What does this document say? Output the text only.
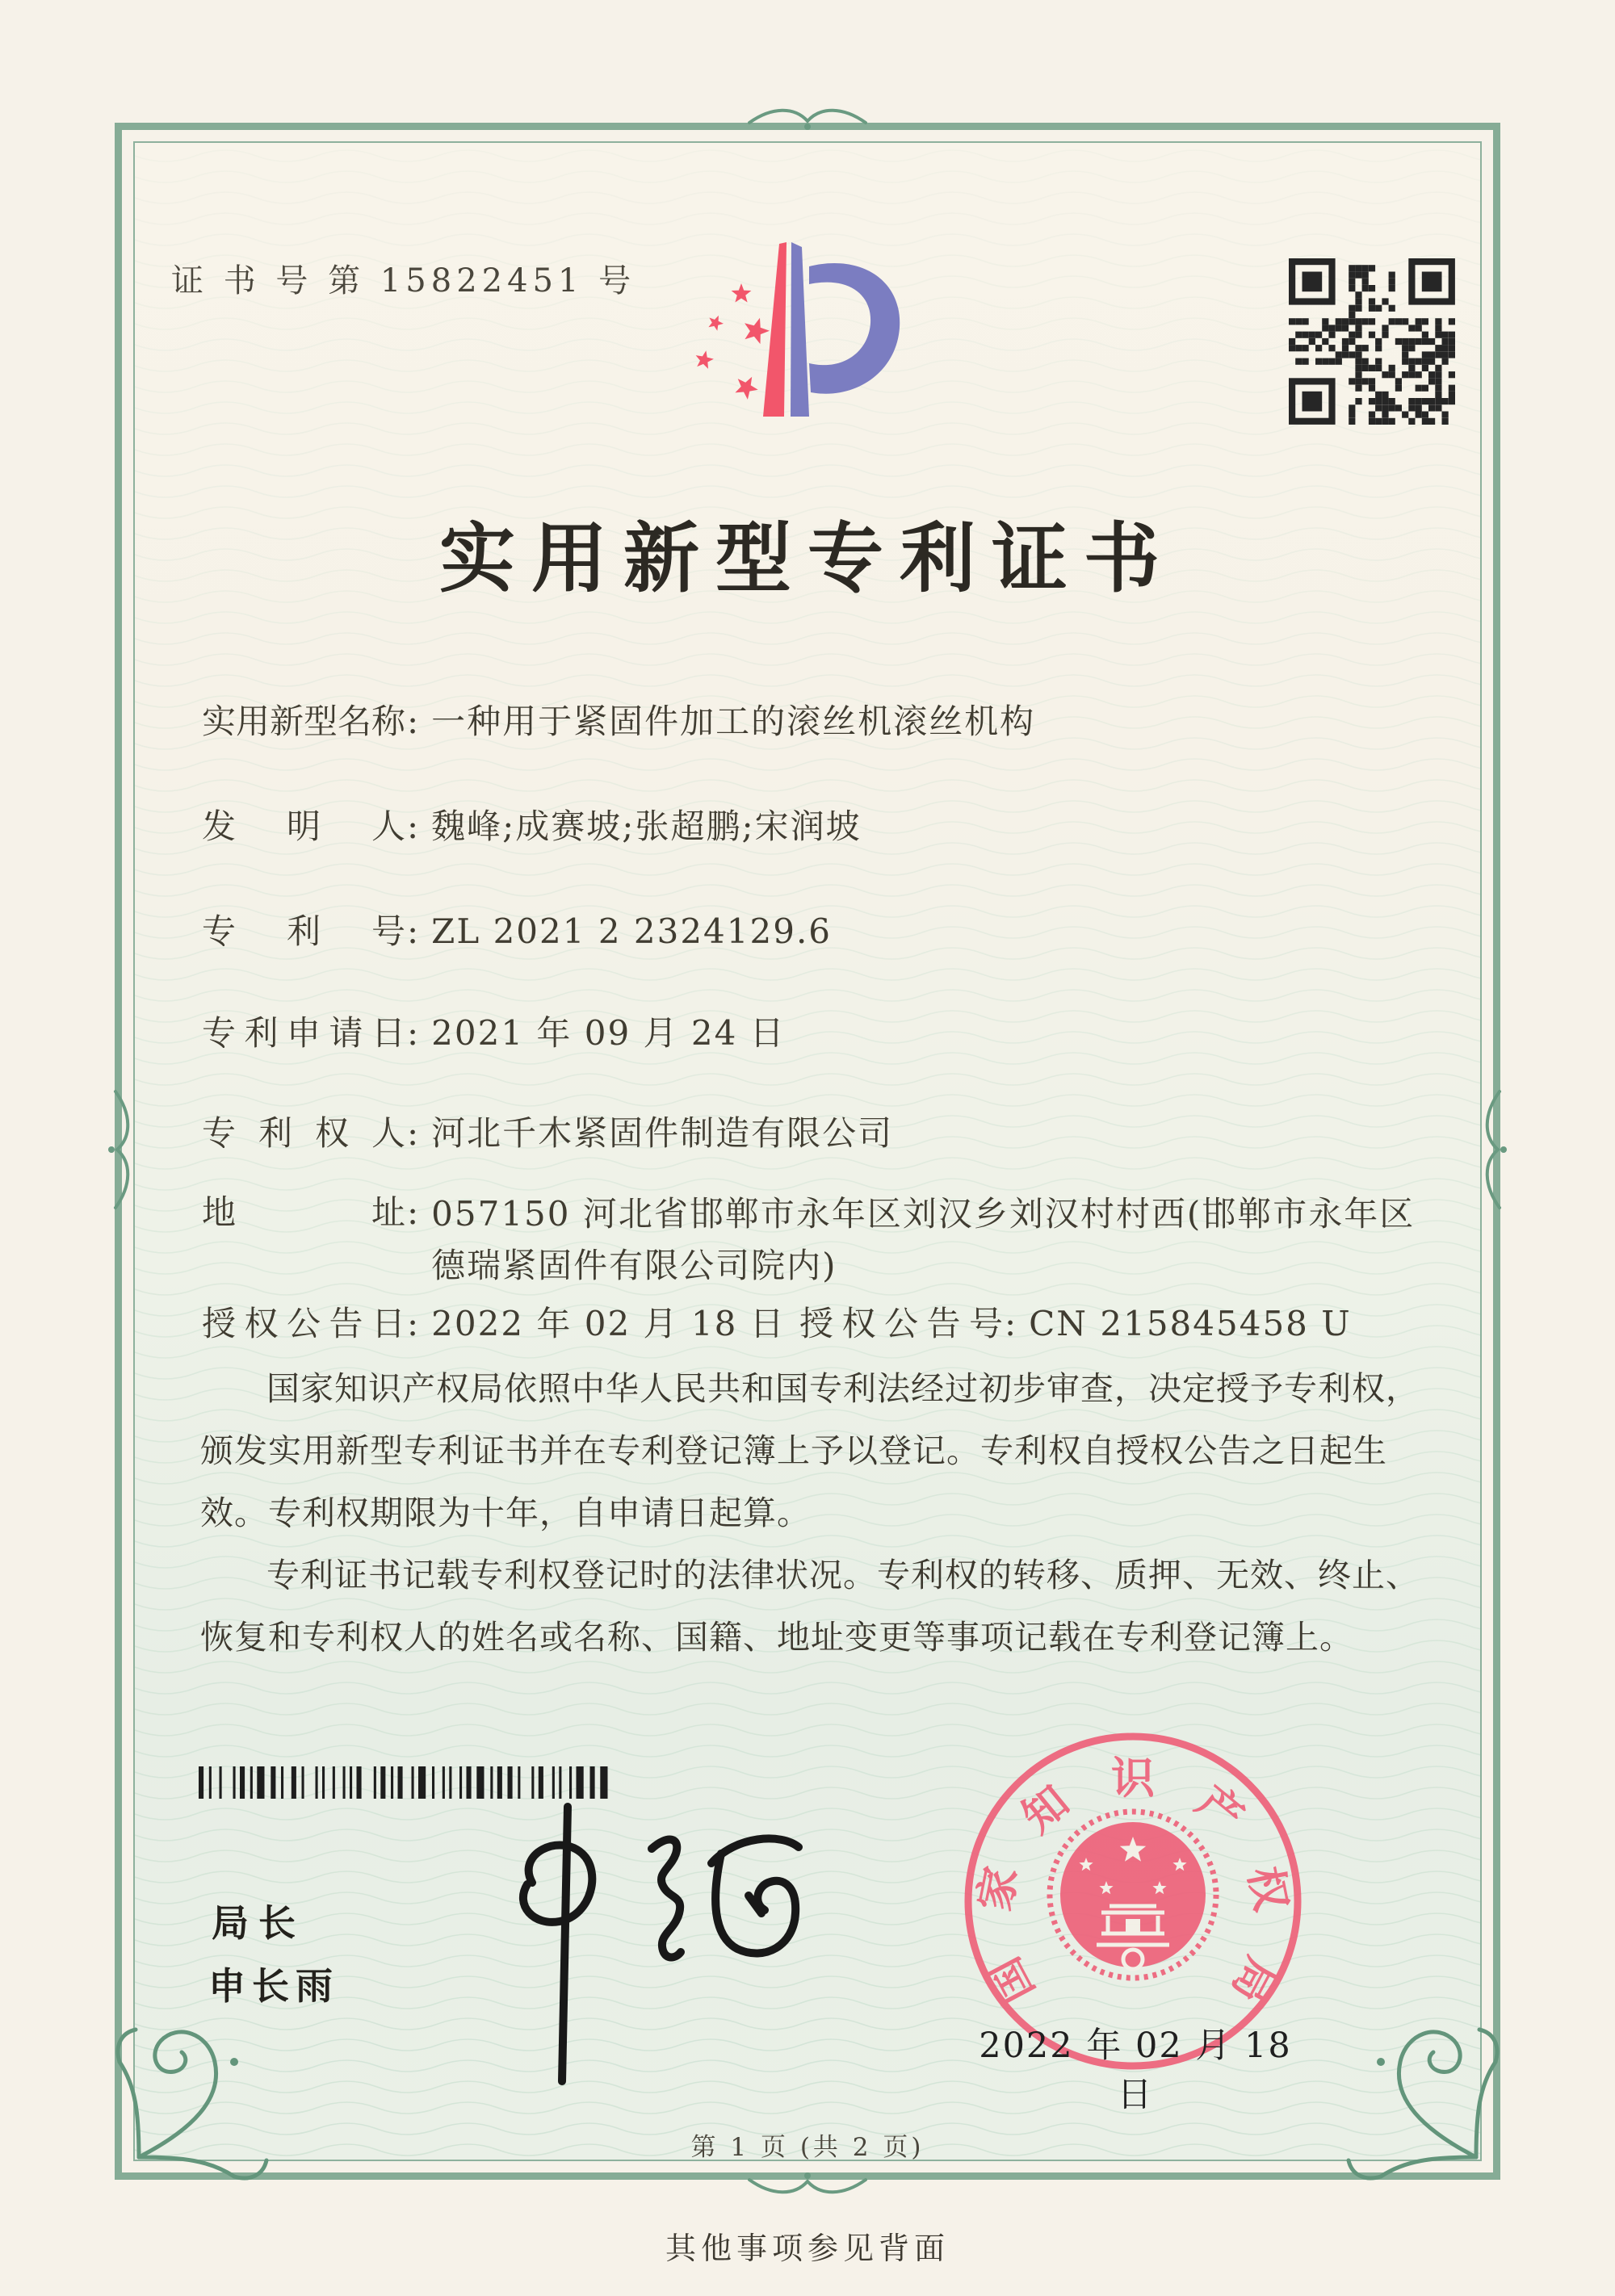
证 书 号 第 15822451 号
实用新型专利证书
实用新型名称: 一种用于紧固件加工的滚丝机滚丝机构
发明人: 魏峰;成赛坡;张超鹏;宋润坡
专利号: ZL 2021 2 2324129.6
专利申请日: 2021 年 09 月 24 日
专利权人: 河北千木紧固件制造有限公司
地址: 057150 河北省邯郸市永年区刘汉乡刘汉村村西(邯郸市永年区德瑞紧固件有限公司院内)
授权公告日: 2022 年 02 月 18 日 授权公告号: CN 215845458 U

国家知识产权局依照中华人民共和国专利法经过初步审查，决定授予专利权，颁发实用新型专利证书并在专利登记簿上予以登记。专利权自授权公告之日起生效。专利权期限为十年，自申请日起算。

专利证书记载专利权登记时的法律状况。专利权的转移、质押、无效、终止、恢复和专利权人的姓名或名称、国籍、地址变更等事项记载在专利登记簿上。

局长
申长雨	国
家
知 识 产
权
局
2022 年 02 月 18 日
第 1 页 (共 2 页)
其他事项参见背面
